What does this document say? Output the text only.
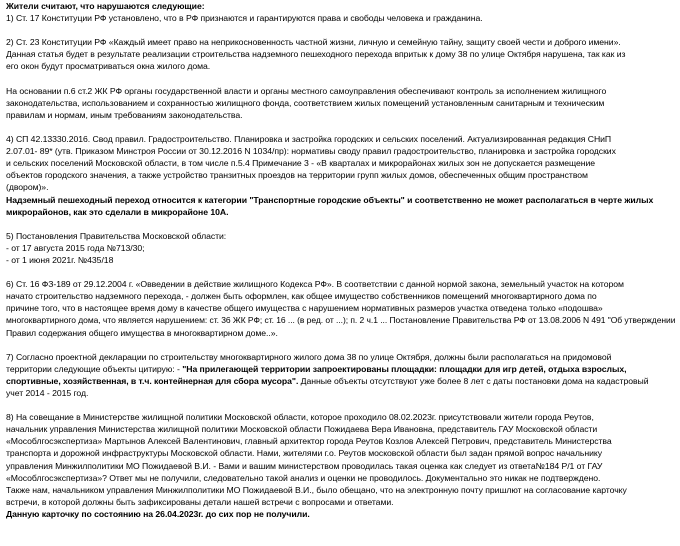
Жители считают, что нарушаются следующие:

1) Ст. 17 Конституции РФ установлено, что в РФ признаются и гарантируются права и свободы человека и гражданина.

2) Ст. 23 Конституции РФ «Каждый имеет право на неприкосновенность частной жизни, личную и семейную тайну, защиту своей чести и доброго имени».
Данная статья будет в результате реализации строительства надземного пешеходного перехода впритык к дому 38 по улице Октября нарушена, так как из
его окон будут просматриваться окна жилого дома.
На основании п.6 ст.2 ЖК РФ органы государственной власти и органы местного самоуправления обеспечивают контроль за исполнением жилищного
законодательства, использованием и сохранностью жилищного фонда, соответствием жилых помещений установленным санитарным и техническим
правилам и нормам, иным требованиям законодательства.
4) СП 42.13330.2016. Свод правил. Градостроительство. Планировка и застройка городских и сельских поселений. Актуализированная редакция СНиП
2.07.01- 89* (утв. Приказом Минстроя России от 30.12.2016 N 1034/пр): нормативы своду правил градостроительство, планировка и застройка городских
и сельских поселений Московской области, в том числе п.5.4 Примечание 3 - «В кварталах и микрорайонах жилых зон не допускается размещение
объектов городского значения, а также устройство транзитных проездов на территории групп жилых домов, обеспеченных общим пространством
(двором)».
Надземный пешеходный переход относится к категории "Транспортные городские объекты" и соответственно не может располагаться в черте жилых
микрорайонов, как это сделали в микрорайоне 10А.
5) Постановления Правительства Московской области:
- от 17 августа 2015 года №713/30;
- от 1 июня 2021г. №435/18
6) Ст. 16 ФЗ-189 от 29.12.2004 г. «Овведении в действие жилищного Кодекса РФ». В соответствии с данной нормой закона, земельный участок на котором
начато строительство надземного перехода, - должен быть оформлен, как общее имущество собственников помещений многоквартирного дома по
причине того, что в настоящее время дому в качестве общего имущества с нарушением нормативных размеров участка отведена только «подошва»
многоквартирного дома, что является нарушением: ст. 36 ЖК РФ; ст. 16 ... (в ред. от ...); п. 2 ч.1 ... Постановление Правительства РФ от 13.08.2006 N 491 "Об утверждении
Правил содержания общего имущества в многоквартирном доме..».
7) Согласно проектной декларации по строительству многоквартирного жилого дома 38 по улице Октября, должны были располагаться на придомовой
территории следующие объекты цитирую: - "На прилегающей территории запроектированы площадки: площадки для игр детей, отдыха взрослых,
спортивные, хозяйственная, в т.ч. контейнерная для сбора мусора". Данные объекты отсутствуют уже более 8 лет с даты постановки дома на кадастровый
учет 2014 - 2015 год.
8) На совещание в Министерстве жилищной политики Московской области, которое проходило 08.02.2023г. присутствовали жители города Реутов,
начальник управления Министерства жилищной политики Московской области Пожидаева Вера Ивановна, представитель ГАУ Московской области
«Мособлгосэкспертиза» Мартынов Алексей Валентинович, главный архитектор города Реутов Козлов Алексей Петрович, представитель Министерства
транспорта и дорожной инфраструктуры Московской области. Нами, жителями г.о. Реутов московской области был задан прямой вопрос начальнику
управления Минжилполитики МО Пожидаевой В.И. - Вами и вашим министерством проводилась такая оценка как следует из ответа№184 Р/1 от ГАУ
«Мособлгосэкспертиза»? Ответ мы не получили, следовательно такой анализ и оценки не проводилось. Документально это никак не подтверждено.
Также нам, начальником управления Минжилполитики МО Пожидаевой В.И., было обещано, что на электронную почту пришлют на согласование карточку
встречи, в которой должны быть зафиксированы детали нашей встречи с вопросами и ответами.
Данную карточку по состоянию на 26.04.2023г. до сих пор не получили.
